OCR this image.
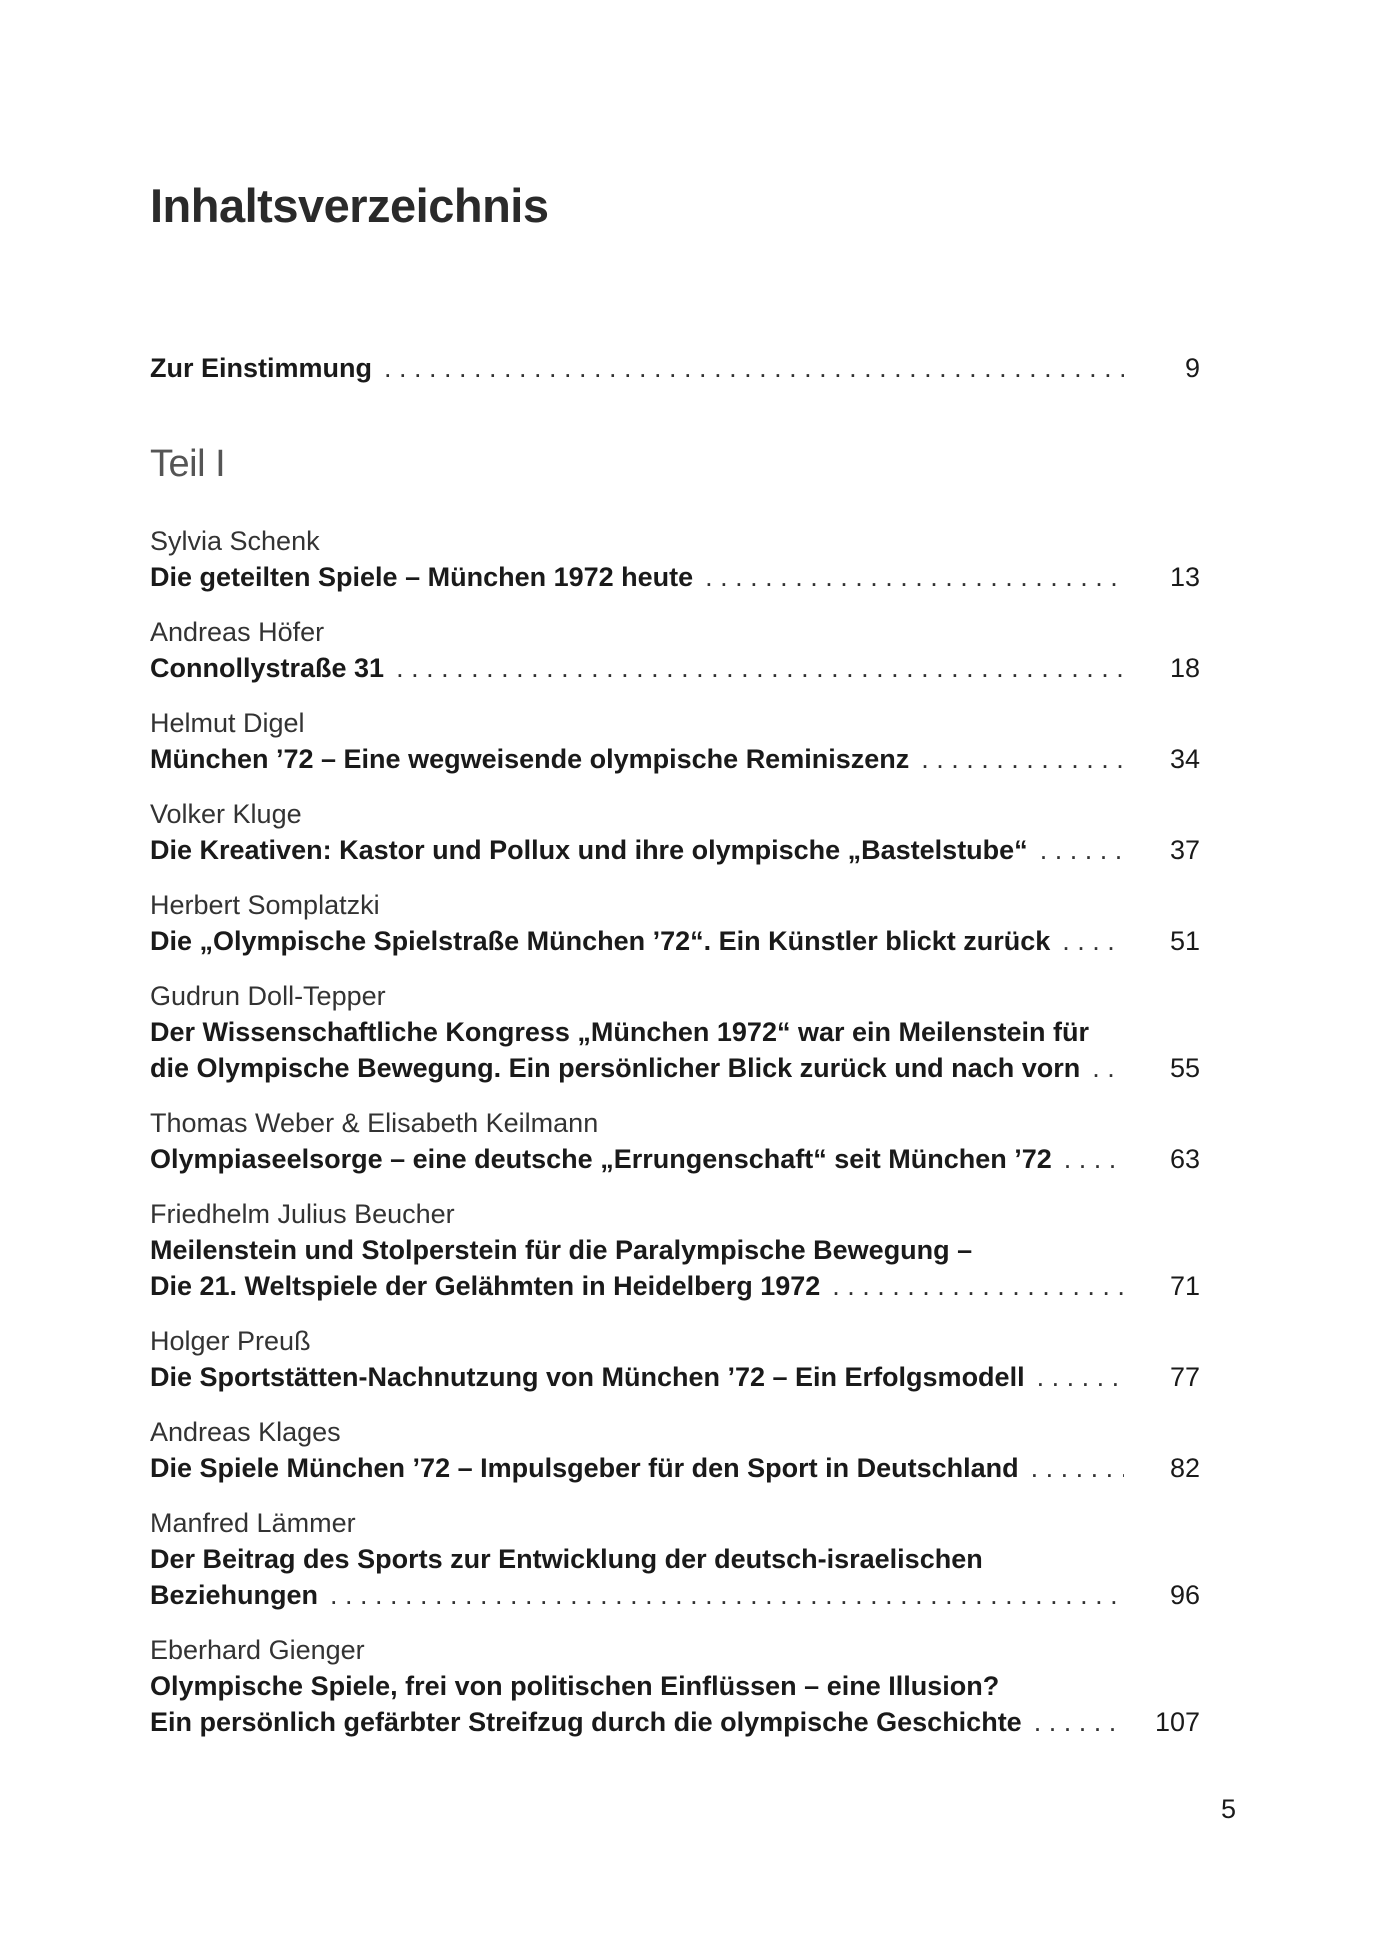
Inhaltsverzeichnis
Zur Einstimmung . . .	9
Teil I
Sylvia Schenk
Die geteilten Spiele – München 1972 heute . . .	13
Andreas Höfer
Connollystraße 31 . . .	18
Helmut Digel
München ’72 – Eine wegweisende olympische Reminiszenz . . .	34
Volker Kluge
Die Kreativen: Kastor und Pollux und ihre olympische „Bastelstube“ . . .	37
Herbert Somplatzki
Die „Olympische Spielstraße München ’72“. Ein Künstler blickt zurück . . .	51
Gudrun Doll-Tepper
Der Wissenschaftliche Kongress „München 1972“ war ein Meilenstein für
die Olympische Bewegung. Ein persönlicher Blick zurück und nach vorn . . .	55
Thomas Weber & Elisabeth Keilmann
Olympiaseelsorge – eine deutsche „Errungenschaft“ seit München ’72 . . .	63
Friedhelm Julius Beucher
Meilenstein und Stolperstein für die Paralympische Bewegung –
Die 21. Weltspiele der Gelähmten in Heidelberg 1972 . . .	71
Holger Preuß
Die Sportstätten-Nachnutzung von München ’72 – Ein Erfolgsmodell . . .	77
Andreas Klages
Die Spiele München ’72 – Impulsgeber für den Sport in Deutschland . . .	82
Manfred Lämmer
Der Beitrag des Sports zur Entwicklung der deutsch-israelischen
Beziehungen . . .	96
Eberhard Gienger
Olympische Spiele, frei von politischen Einflüssen – eine Illusion?
Ein persönlich gefärbter Streifzug durch die olympische Geschichte . . .	107
5
